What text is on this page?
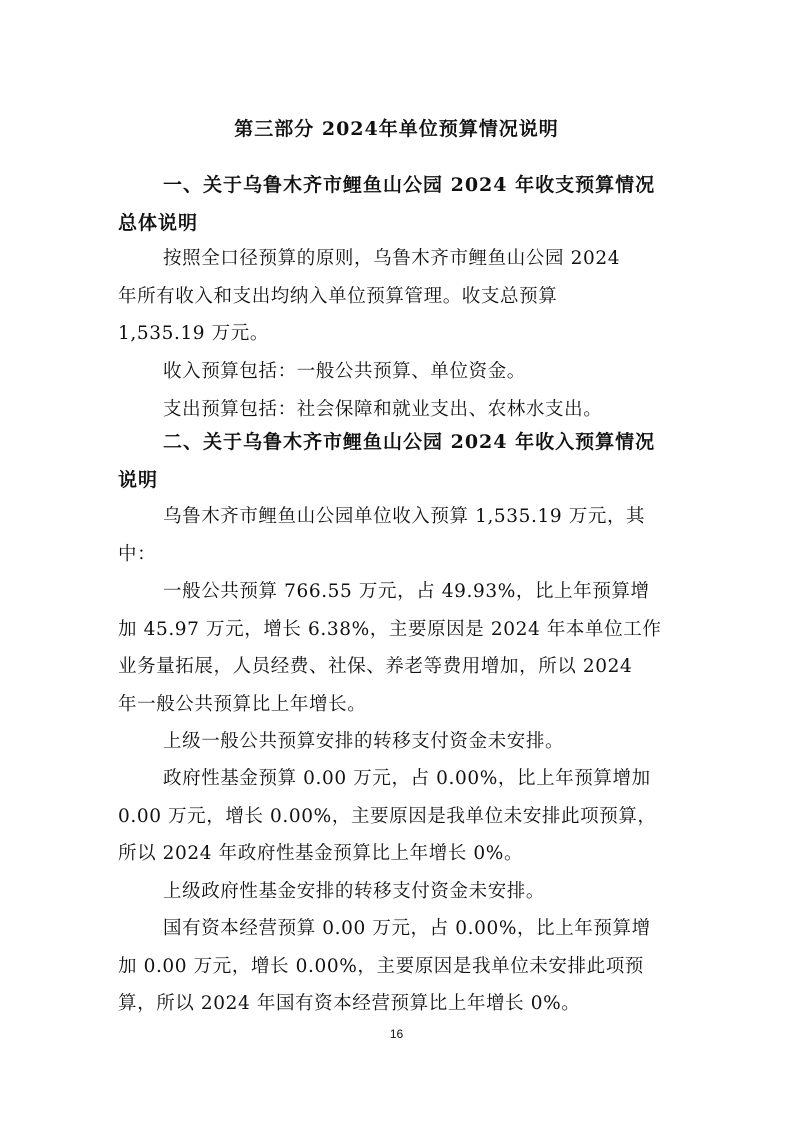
第三部分 2024年单位预算情况说明
一、关于乌鲁木齐市鲤鱼山公园 2024 年收支预算情况
总体说明
按照全口径预算的原则，乌鲁木齐市鲤鱼山公园 2024
年所有收入和支出均纳入单位预算管理。收支总预算
1,535.19 万元。
收入预算包括：一般公共预算、单位资金。
支出预算包括：社会保障和就业支出、农林水支出。
二、关于乌鲁木齐市鲤鱼山公园 2024 年收入预算情况
说明
乌鲁木齐市鲤鱼山公园单位收入预算 1,535.19 万元，其
中：
一般公共预算 766.55 万元，占 49.93%，比上年预算增
加 45.97 万元，增长 6.38%，主要原因是 2024 年本单位工作
业务量拓展，人员经费、社保、养老等费用增加，所以 2024
年一般公共预算比上年增长。
上级一般公共预算安排的转移支付资金未安排。
政府性基金预算 0.00 万元，占 0.00%，比上年预算增加
0.00 万元，增长 0.00%，主要原因是我单位未安排此项预算，
所以 2024 年政府性基金预算比上年增长 0%。
上级政府性基金安排的转移支付资金未安排。
国有资本经营预算 0.00 万元，占 0.00%，比上年预算增
加 0.00 万元，增长 0.00%，主要原因是我单位未安排此项预
算，所以 2024 年国有资本经营预算比上年增长 0%。
16
